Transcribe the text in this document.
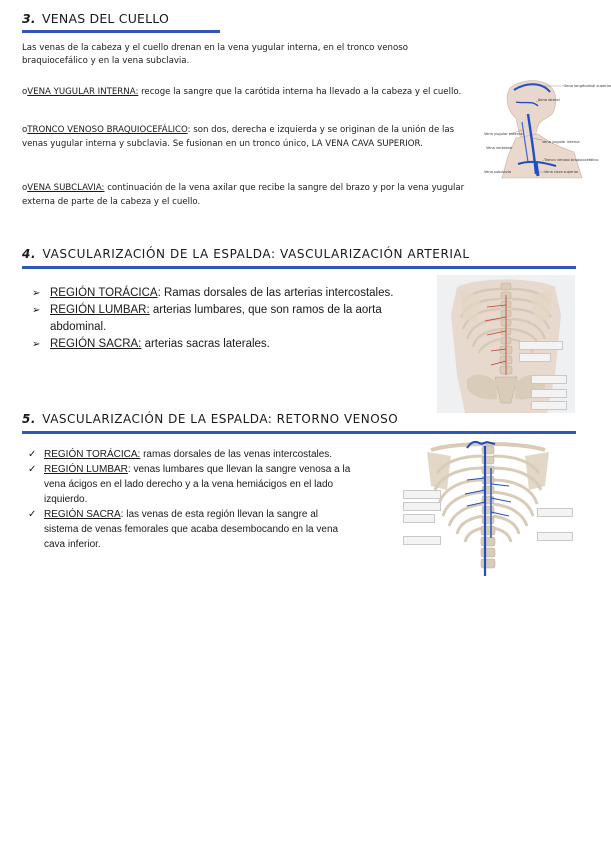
3. VENAS DEL CUELLO
Las venas de la cabeza y el cuello drenan en la vena yugular interna, en el tronco venoso braquiocefálico y en la vena subclavia.
oVENA YUGULAR INTERNA: recoge la sangre que la carótida interna ha llevado a la cabeza y el cuello.
oTRONCO VENOSO BRAQUIOCEFÁLICO: son dos, derecha e izquierda y se originan de la unión de las venas yugular interna y subclavia. Se fusionan en un tronco único, LA VENA CAVA SUPERIOR.
oVENA SUBCLAVIA: continuación de la vena axilar que recibe la sangre del brazo y por la vena yugular externa de parte de la cabeza y el cuello.
Seno longitudinal superior
Seno lateral
Vena yugular externa
Vena yugular interna
Vena vertebral
Tronco venoso braquiocefálico
Vena subclavia	Vena cava superior
4. VASCULARIZACIÓN DE LA ESPALDA: VASCULARIZACIÓN ARTERIAL
➢ REGIÓN TORÁCICA: Ramas dorsales de las arterias intercostales.
➢ REGIÓN LUMBAR: arterias lumbares, que son ramos de la aorta abdominal.
➢ REGIÓN SACRA: arterias sacras laterales.
5. VASCULARIZACIÓN DE LA ESPALDA: RETORNO VENOSO
✓ REGIÓN TORÁCICA: ramas dorsales de las venas intercostales.
✓ REGIÓN LUMBAR: venas lumbares que llevan la sangre venosa a la vena ácigos en el lado derecho y a la vena hemiácigos en el lado izquierdo.
✓ REGIÓN SACRA: las venas de esta región llevan la sangre al sistema de venas femorales que acaba desembocando en la vena cava inferior.
